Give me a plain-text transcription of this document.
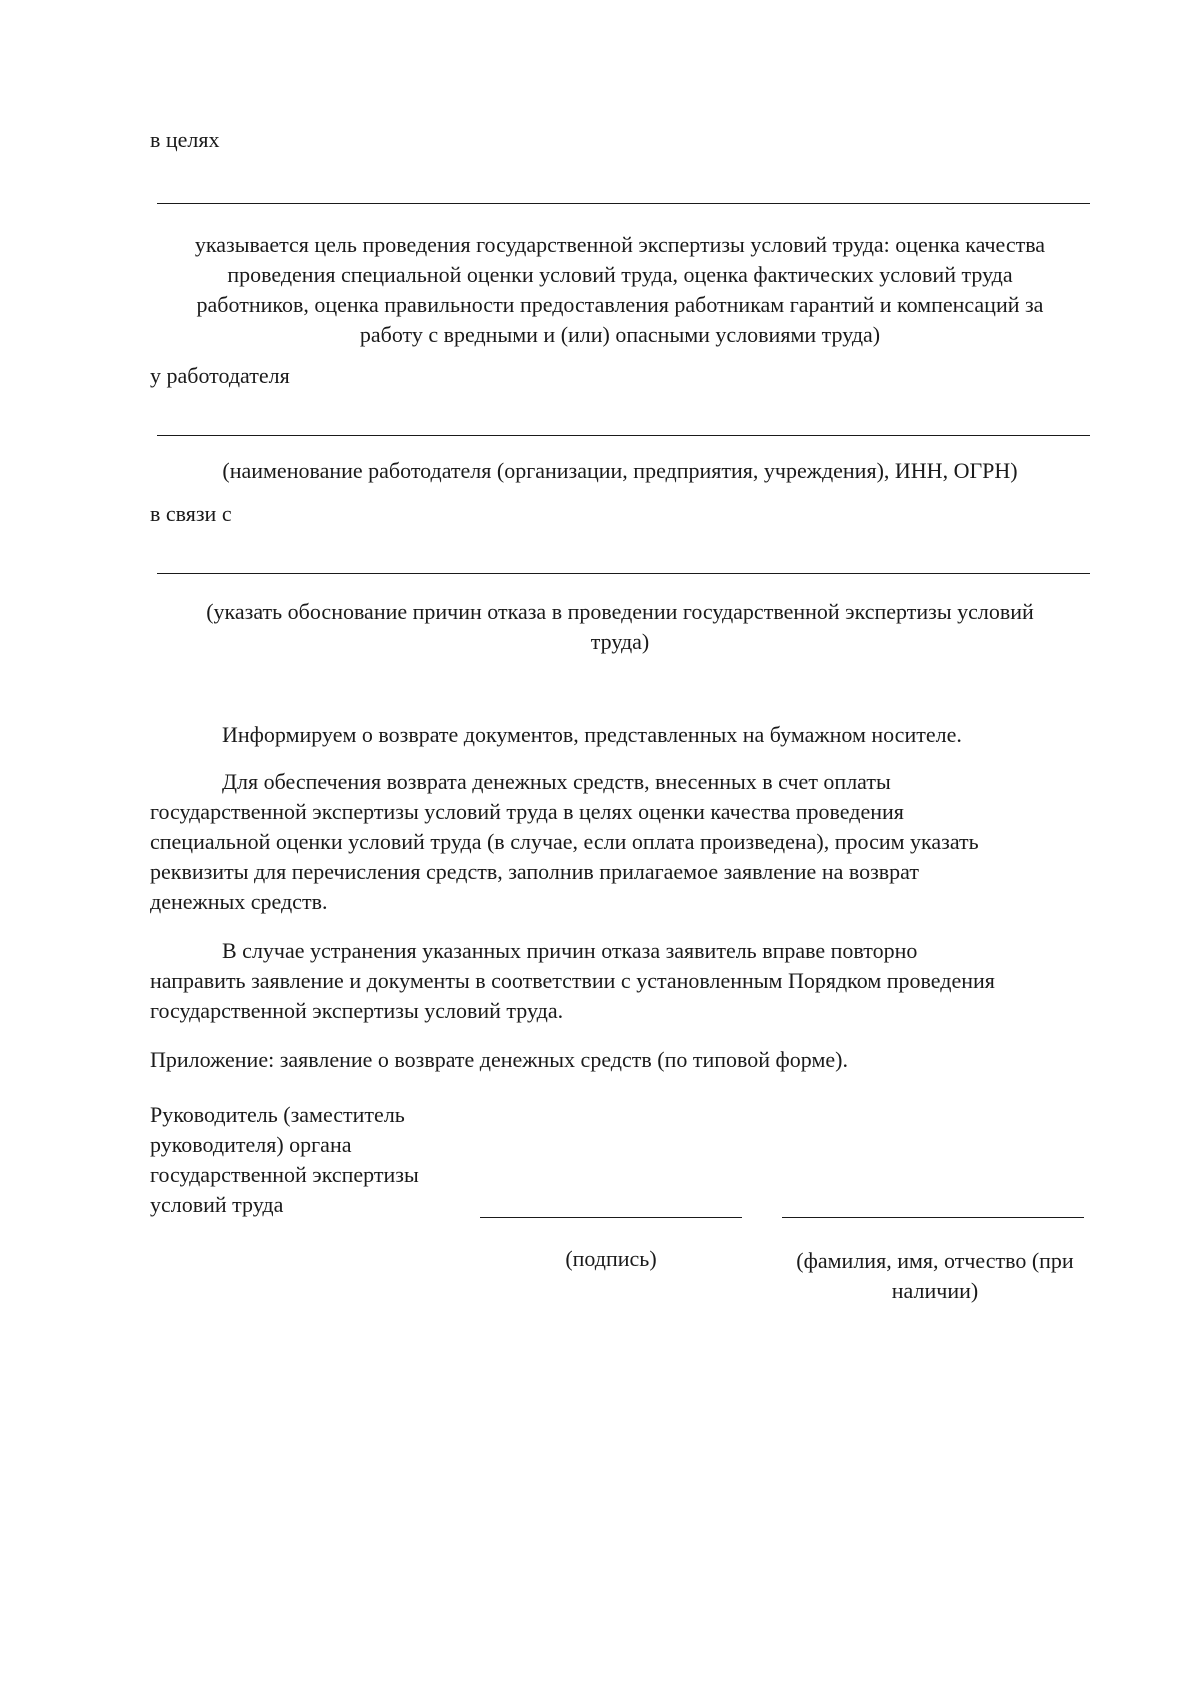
в целях
указывается цель проведения государственной экспертизы условий труда: оценка качества
проведения специальной оценки условий труда, оценка фактических условий труда
работников, оценка правильности предоставления работникам гарантий и компенсаций за
работу с вредными и (или) опасными условиями труда)
у работодателя
(наименование работодателя (организации, предприятия, учреждения), ИНН, ОГРН)
в связи с
(указать обоснование причин отказа в проведении государственной экспертизы условий
труда)
Информируем о возврате документов, представленных на бумажном носителе.
Для обеспечения возврата денежных средств, внесенных в счет оплаты
государственной экспертизы условий труда в целях оценки качества проведения
специальной оценки условий труда (в случае, если оплата произведена), просим указать
реквизиты для перечисления средств, заполнив прилагаемое заявление на возврат
денежных средств.
В случае устранения указанных причин отказа заявитель вправе повторно
направить заявление и документы в соответствии с установленным Порядком проведения
государственной экспертизы условий труда.
Приложение: заявление о возврате денежных средств (по типовой форме).
Руководитель (заместитель
руководителя) органа
государственной экспертизы
условий труда
(подпись)	(фамилия, имя, отчество (при
наличии)
